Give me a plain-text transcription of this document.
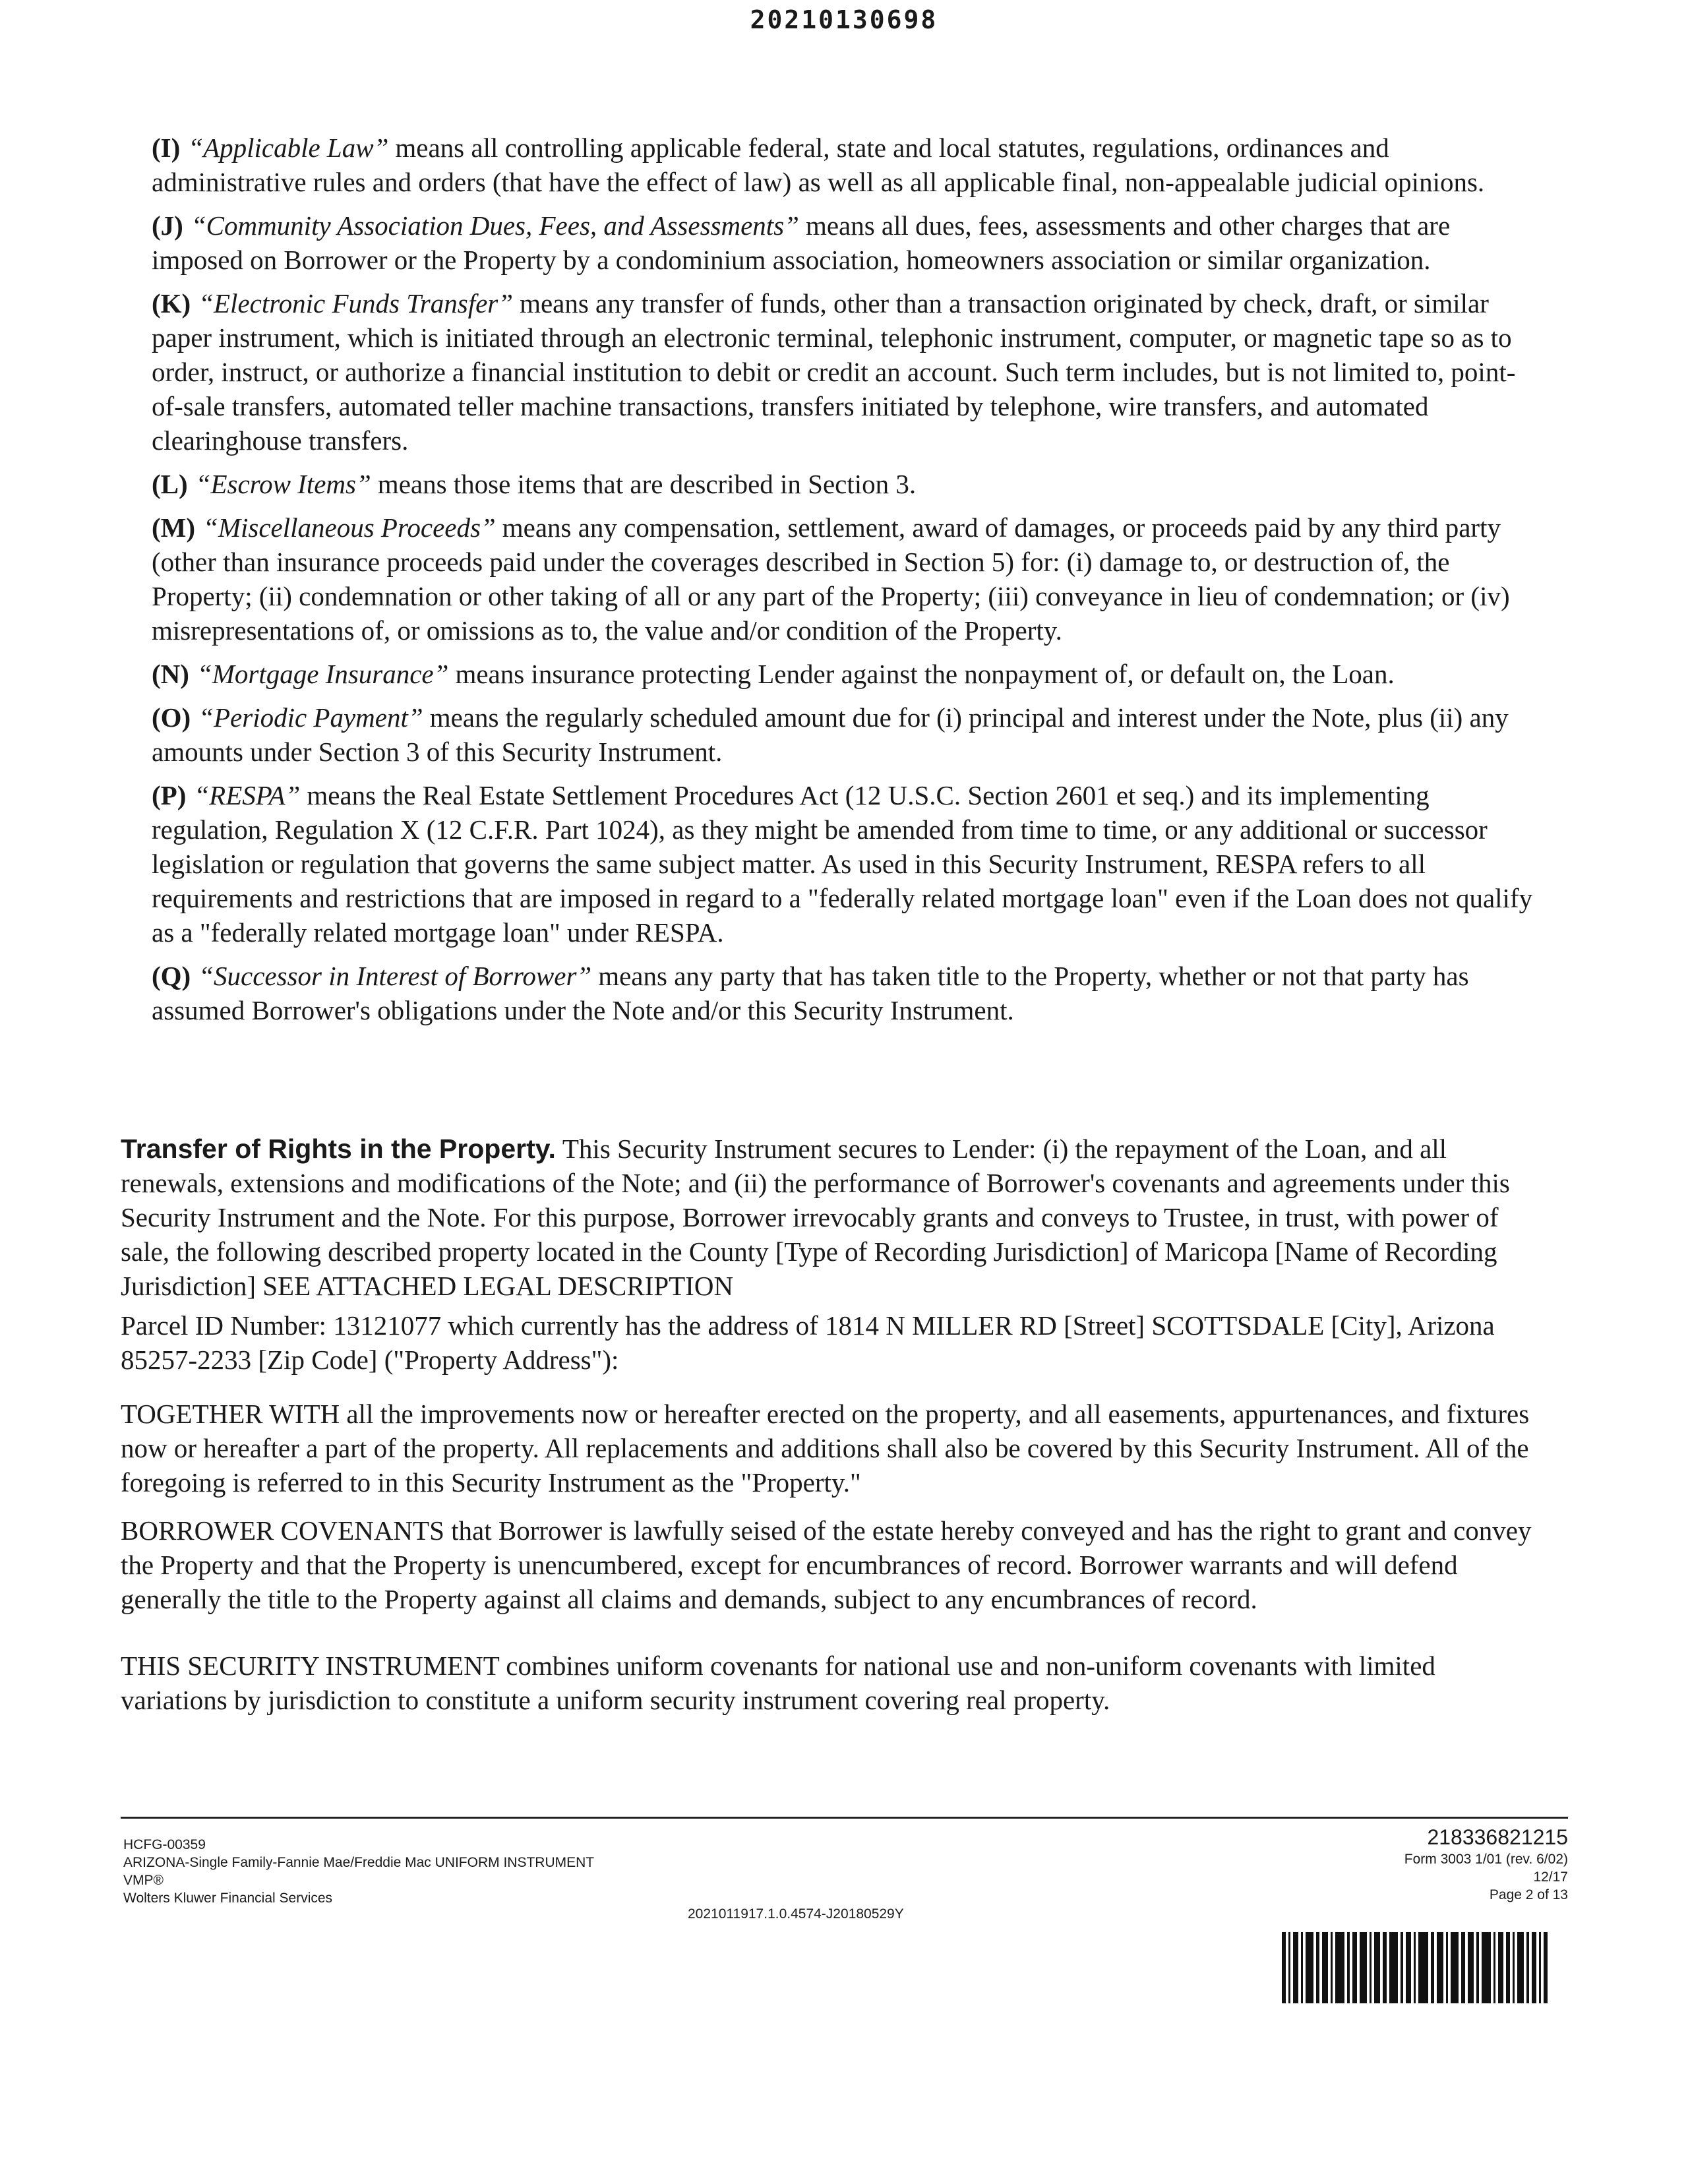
20210130698

(I) “Applicable Law” means all controlling applicable federal, state and local statutes, regulations, ordinances and administrative rules and orders (that have the effect of law) as well as all applicable final, non-appealable judicial opinions.

(J) “Community Association Dues, Fees, and Assessments” means all dues, fees, assessments and other charges that are imposed on Borrower or the Property by a condominium association, homeowners association or similar organization.

(K) “Electronic Funds Transfer” means any transfer of funds, other than a transaction originated by check, draft, or similar paper instrument, which is initiated through an electronic terminal, telephonic instrument, computer, or magnetic tape so as to order, instruct, or authorize a financial institution to debit or credit an account. Such term includes, but is not limited to, point-of-sale transfers, automated teller machine transactions, transfers initiated by telephone, wire transfers, and automated clearinghouse transfers.

(L) “Escrow Items” means those items that are described in Section 3.

(M) “Miscellaneous Proceeds” means any compensation, settlement, award of damages, or proceeds paid by any third party (other than insurance proceeds paid under the coverages described in Section 5) for: (i) damage to, or destruction of, the Property; (ii) condemnation or other taking of all or any part of the Property; (iii) conveyance in lieu of condemnation; or (iv) misrepresentations of, or omissions as to, the value and/or condition of the Property.

(N) “Mortgage Insurance” means insurance protecting Lender against the nonpayment of, or default on, the Loan.

(O) “Periodic Payment” means the regularly scheduled amount due for (i) principal and interest under the Note, plus (ii) any amounts under Section 3 of this Security Instrument.

(P) “RESPA” means the Real Estate Settlement Procedures Act (12 U.S.C. Section 2601 et seq.) and its implementing regulation, Regulation X (12 C.F.R. Part 1024), as they might be amended from time to time, or any additional or successor legislation or regulation that governs the same subject matter. As used in this Security Instrument, RESPA refers to all requirements and restrictions that are imposed in regard to a "federally related mortgage loan" even if the Loan does not qualify as a "federally related mortgage loan" under RESPA.

(Q) “Successor in Interest of Borrower” means any party that has taken title to the Property, whether or not that party has assumed Borrower's obligations under the Note and/or this Security Instrument.

Transfer of Rights in the Property. This Security Instrument secures to Lender: (i) the repayment of the Loan, and all renewals, extensions and modifications of the Note; and (ii) the performance of Borrower's covenants and agreements under this Security Instrument and the Note. For this purpose, Borrower irrevocably grants and conveys to Trustee, in trust, with power of sale, the following described property located in the County [Type of Recording Jurisdiction] of Maricopa [Name of Recording Jurisdiction] SEE ATTACHED LEGAL DESCRIPTION

Parcel ID Number: 13121077 which currently has the address of 1814 N MILLER RD [Street] SCOTTSDALE [City], Arizona 85257-2233 [Zip Code] ("Property Address"):

TOGETHER WITH all the improvements now or hereafter erected on the property, and all easements, appurtenances, and fixtures now or hereafter a part of the property. All replacements and additions shall also be covered by this Security Instrument. All of the foregoing is referred to in this Security Instrument as the "Property."

BORROWER COVENANTS that Borrower is lawfully seised of the estate hereby conveyed and has the right to grant and convey the Property and that the Property is unencumbered, except for encumbrances of record. Borrower warrants and will defend generally the title to the Property against all claims and demands, subject to any encumbrances of record.

THIS SECURITY INSTRUMENT combines uniform covenants for national use and non-uniform covenants with limited variations by jurisdiction to constitute a uniform security instrument covering real property.

HCFG-00359
ARIZONA-Single Family-Fannie Mae/Freddie Mac UNIFORM INSTRUMENT
VMP®
Wolters Kluwer Financial Services
2021011917.1.0.4574-J20180529Y
218336821215
Form 3003 1/01 (rev. 6/02)
12/17
Page 2 of 13
